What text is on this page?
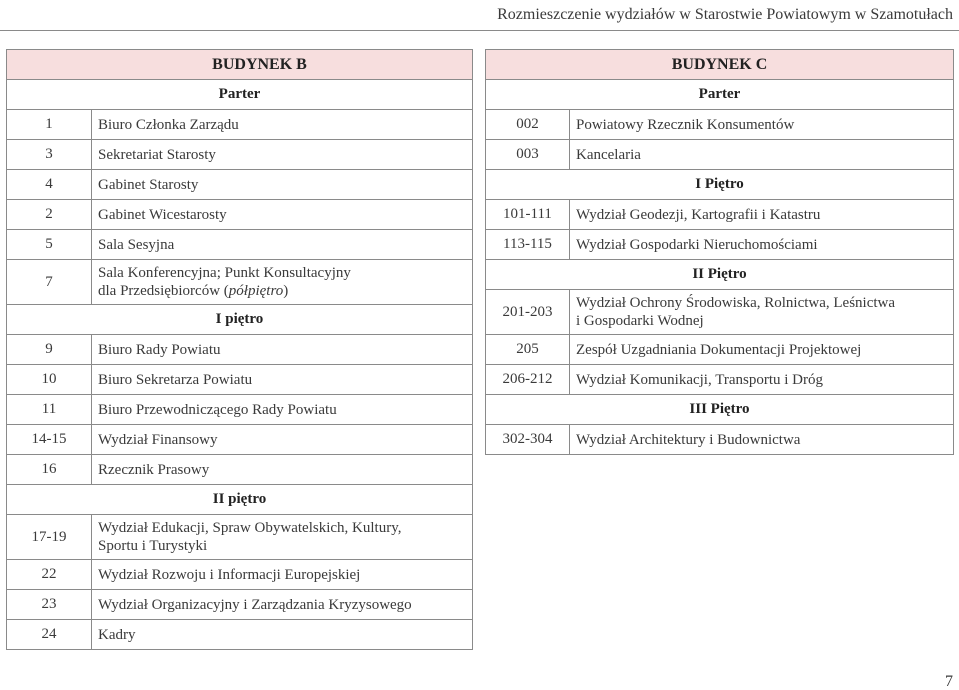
Rozmieszczenie wydziałów w Starostwie Powiatowym w Szamotułach
BUDYNEK B	
Parter	
1	Biuro Członka Zarządu
3	Sekretariat Starosty
4	Gabinet Starosty
2	Gabinet Wicestarosty
5	Sala Sesyjna
7	Sala Konferencyjna; Punkt Konsultacyjny
dla Przedsiębiorców (półpiętro)

I piętro	
9	Biuro Rady Powiatu
10	Biuro Sekretarza Powiatu
11	Biuro Przewodniczącego Rady Powiatu
14-15	Wydział Finansowy
16	Rzecznik Prasowy
II piętro	
17-19	Wydział Edukacji, Spraw Obywatelskich, Kultury,
Sportu i Turystyki

22	Wydział Rozwoju i Informacji Europejskiej
23	Wydział Organizacyjny i Zarządzania Kryzysowego
24	Kadry
BUDYNEK C	
Parter	
002	Powiatowy Rzecznik Konsumentów
003	Kancelaria
I Piętro	
101-111	Wydział Geodezji, Kartografii i Katastru
113-115	Wydział Gospodarki Nieruchomościami
II Piętro	
201-203	Wydział Ochrony Środowiska, Rolnictwa, Leśnictwa
i Gospodarki Wodnej

205	Zespół Uzgadniania Dokumentacji Projektowej
206-212	Wydział Komunikacji, Transportu i Dróg
III Piętro	
302-304	Wydział Architektury i Budownictwa
7
